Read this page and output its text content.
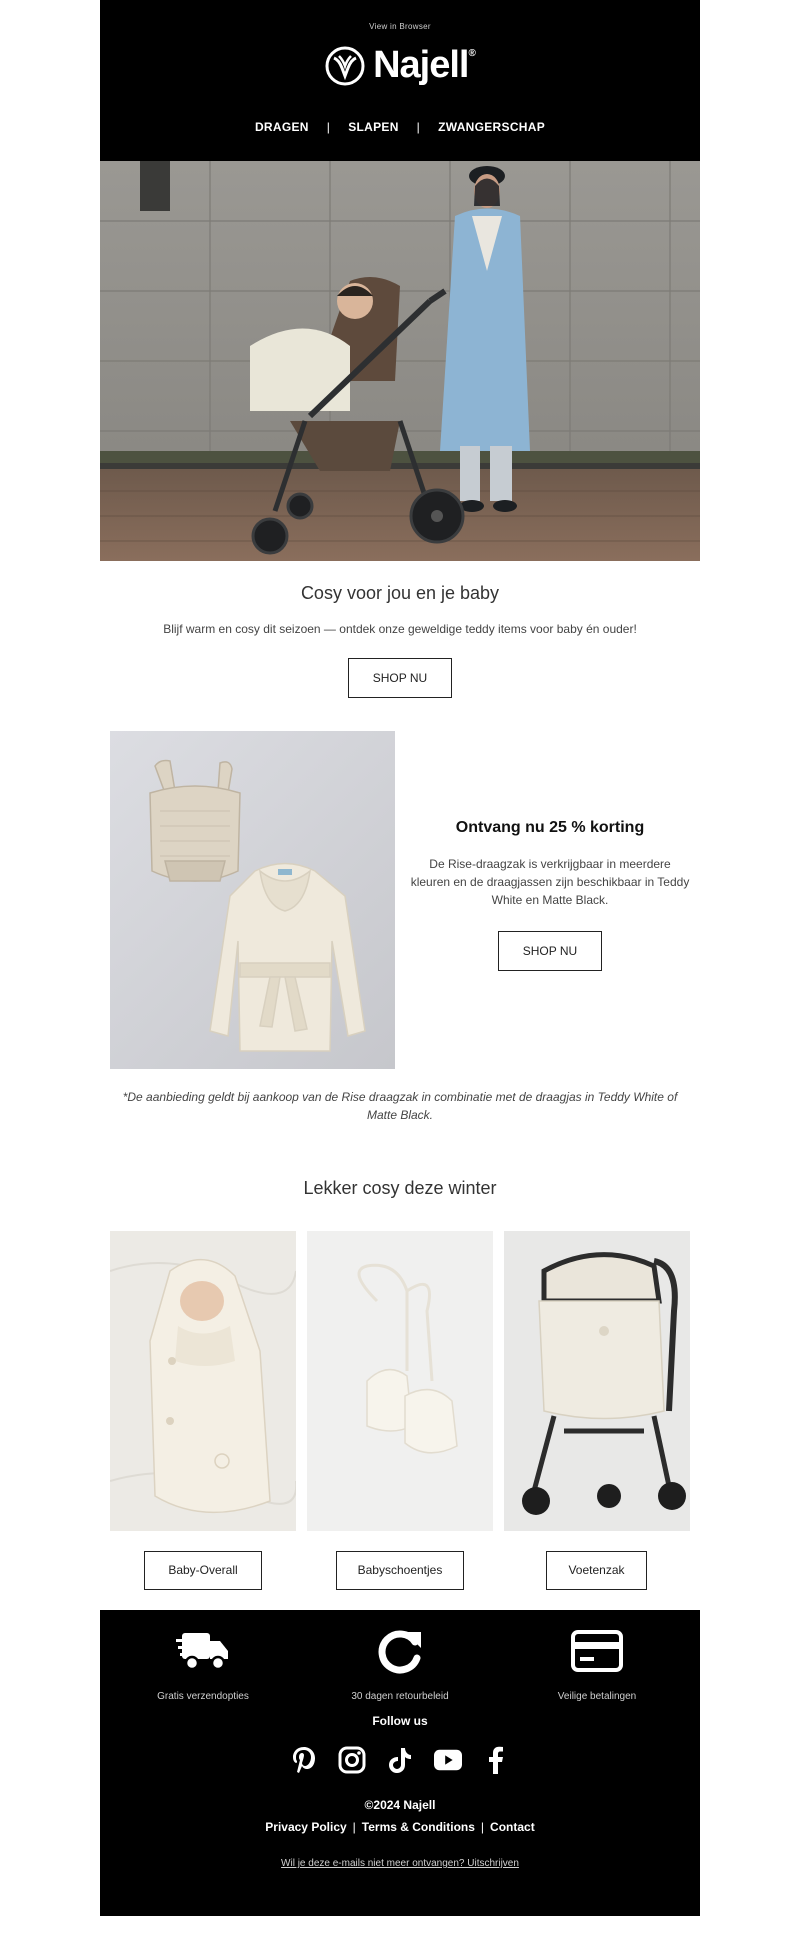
View in Browser
Najell®
DRAGEN	|	SLAPEN	|	ZWANGERSCHAP
Cosy voor jou en je baby

Blijf warm en cosy dit seizoen — ontdek onze geweldige teddy items voor baby én ouder!

SHOP NU
Ontvang nu 25 % korting

De Rise-draagzak is verkrijgbaar in meerdere kleuren en de draagjassen zijn beschikbaar in Teddy White en Matte Black.

SHOP NU
*De aanbieding geldt bij aankoop van de Rise draagzak in combinatie met de draagjas in Teddy White of Matte Black.
Lekker cosy deze winter
Baby-Overall	Babyschoentjes	Voetenzak
Gratis verzendopties	30 dagen retourbeleid	Veilige betalingen
Follow us
©2024 Najell
Privacy Policy | Terms & Conditions | Contact
Wil je deze e-mails niet meer ontvangen? Uitschrijven
